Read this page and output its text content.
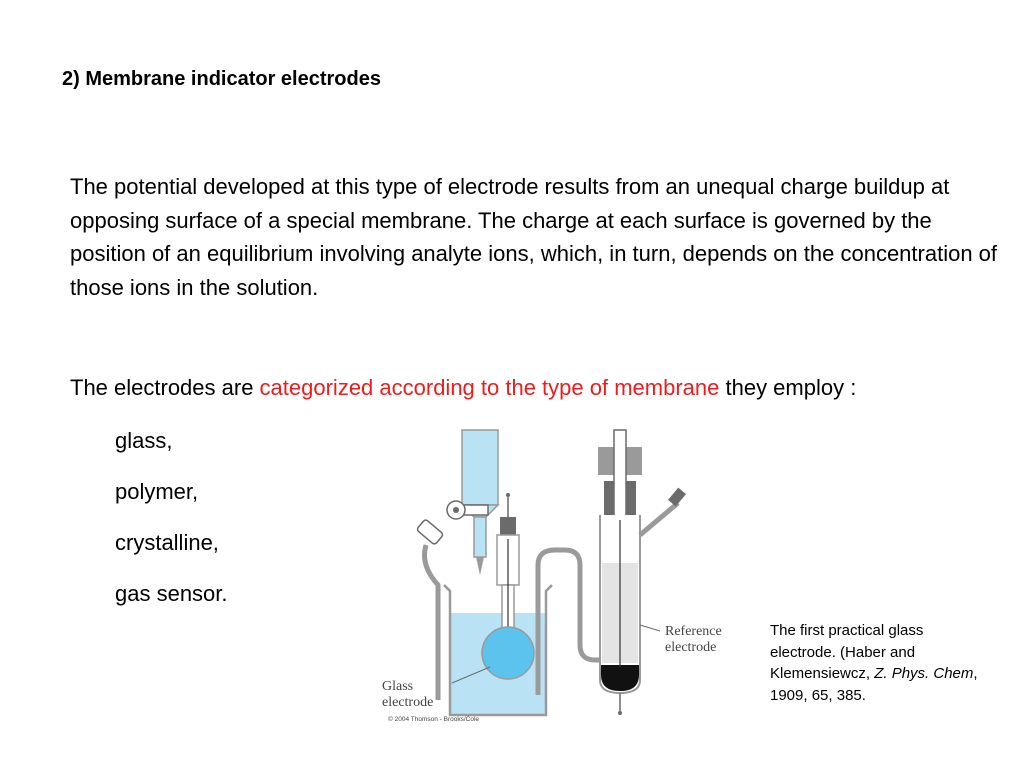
2) Membrane indicator electrodes

The potential developed at this type of electrode results from an unequal charge buildup at opposing surface of a special membrane. The charge at each surface is governed by the position of an equilibrium involving analyte ions, which, in turn, depends on the concentration of those ions in the solution.

The electrodes are categorized according to the type of membrane they employ :
glass,
polymer,
crystalline,
gas sensor.
Glass
electrode
Reference
electrode
© 2004 Thomson - Brooks/Cole
The first practical glass electrode. (Haber and Klemensiewcz, Z. Phys. Chem, 1909, 65, 385.
